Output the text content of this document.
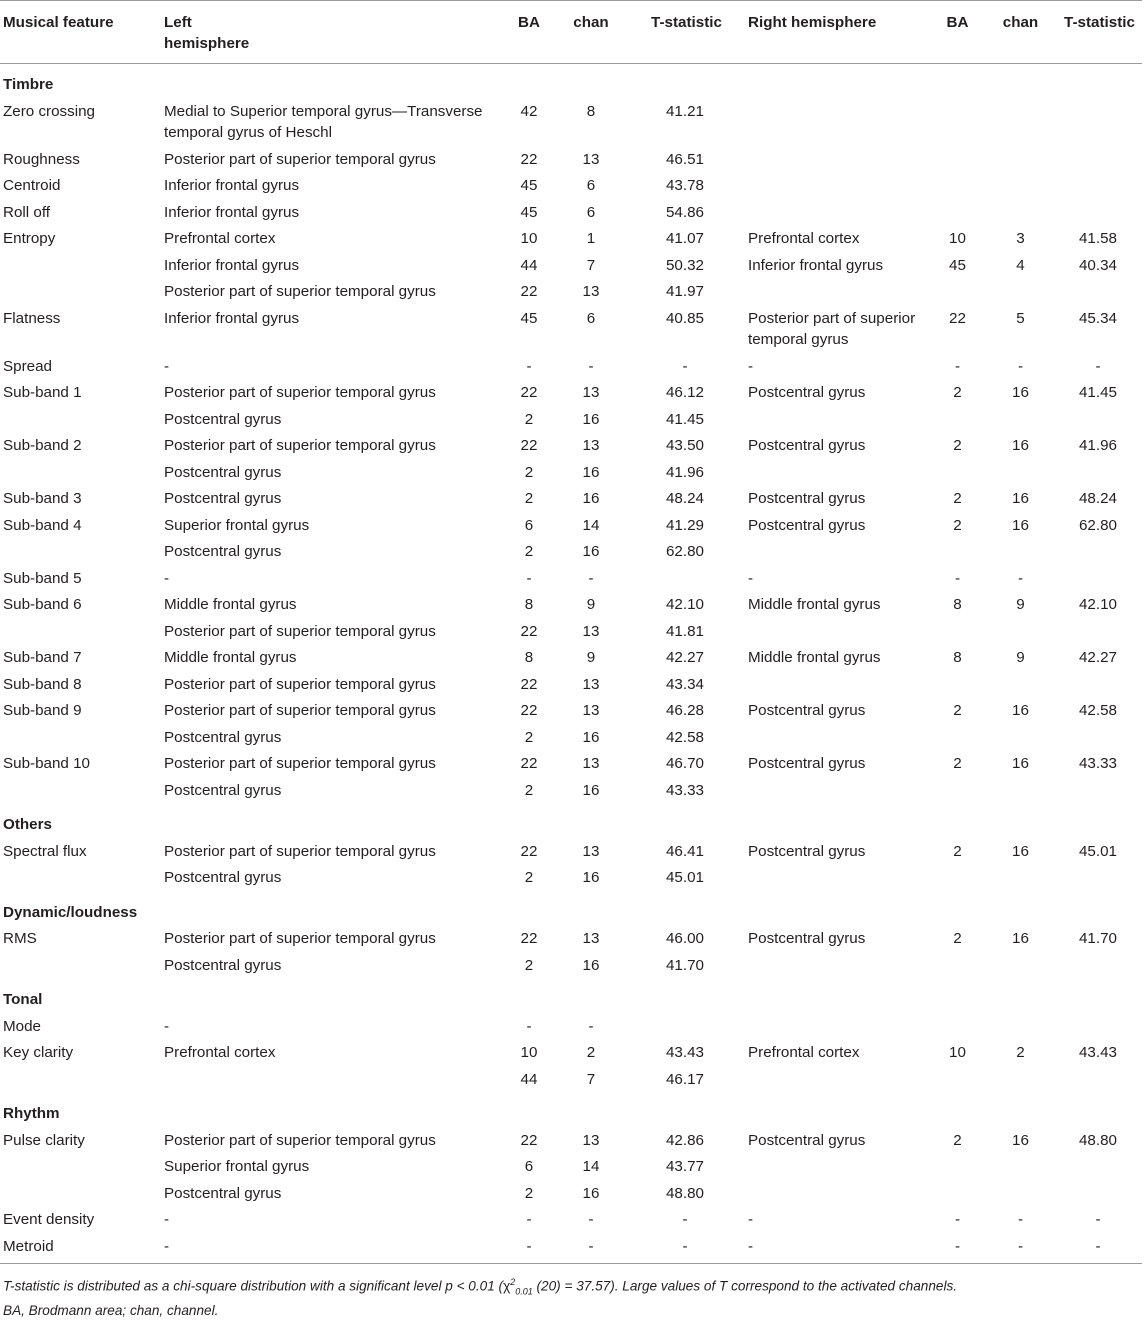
Musical feature	Left
hemisphere	BA	chan	T-statistic	Right hemisphere	BA	chan	T-statistic
Timbre								
Zero crossing	Medial to Superior temporal gyrus—Transverse temporal gyrus of Heschl	42	8	41.21				
Roughness	Posterior part of superior temporal gyrus	22	13	46.51				
Centroid	Inferior frontal gyrus	45	6	43.78				
Roll off	Inferior frontal gyrus	45	6	54.86				
Entropy	Prefrontal cortex	10	1	41.07	Prefrontal cortex	10	3	41.58
	Inferior frontal gyrus	44	7	50.32	Inferior frontal gyrus	45	4	40.34
	Posterior part of superior temporal gyrus	22	13	41.97				
Flatness	Inferior frontal gyrus	45	6	40.85	Posterior part of superior temporal gyrus	22	5	45.34
Spread	-	-	-	-	-	-	-	-
Sub-band 1	Posterior part of superior temporal gyrus	22	13	46.12	Postcentral gyrus	2	16	41.45
	Postcentral gyrus	2	16	41.45				
Sub-band 2	Posterior part of superior temporal gyrus	22	13	43.50	Postcentral gyrus	2	16	41.96
	Postcentral gyrus	2	16	41.96				
Sub-band 3	Postcentral gyrus	2	16	48.24	Postcentral gyrus	2	16	48.24
Sub-band 4	Superior frontal gyrus	6	14	41.29	Postcentral gyrus	2	16	62.80
	Postcentral gyrus	2	16	62.80				
Sub-band 5	-	-	-		-	-	-	
Sub-band 6	Middle frontal gyrus	8	9	42.10	Middle frontal gyrus	8	9	42.10
	Posterior part of superior temporal gyrus	22	13	41.81				
Sub-band 7	Middle frontal gyrus	8	9	42.27	Middle frontal gyrus	8	9	42.27
Sub-band 8	Posterior part of superior temporal gyrus	22	13	43.34				
Sub-band 9	Posterior part of superior temporal gyrus	22	13	46.28	Postcentral gyrus	2	16	42.58
	Postcentral gyrus	2	16	42.58				
Sub-band 10	Posterior part of superior temporal gyrus	22	13	46.70	Postcentral gyrus	2	16	43.33
	Postcentral gyrus	2	16	43.33				
Others								
Spectral flux	Posterior part of superior temporal gyrus	22	13	46.41	Postcentral gyrus	2	16	45.01
	Postcentral gyrus	2	16	45.01				
Dynamic/loudness								
RMS	Posterior part of superior temporal gyrus	22	13	46.00	Postcentral gyrus	2	16	41.70
	Postcentral gyrus	2	16	41.70				
Tonal								
Mode	-	-	-					
Key clarity	Prefrontal cortex	10	2	43.43	Prefrontal cortex	10	2	43.43
		44	7	46.17				
Rhythm								
Pulse clarity	Posterior part of superior temporal gyrus	22	13	42.86	Postcentral gyrus	2	16	48.80
	Superior frontal gyrus	6	14	43.77				
	Postcentral gyrus	2	16	48.80				
Event density	-	-	-	-	-	-	-	-
Metroid	-	-	-	-	-	-	-	-
T-statistic is distributed as a chi-square distribution with a significant level p < 0.01 ($\chi^2_{0.01}$ (20) = 37.57). Large values of T correspond to the activated channels.
BA, Brodmann area; chan, channel.
